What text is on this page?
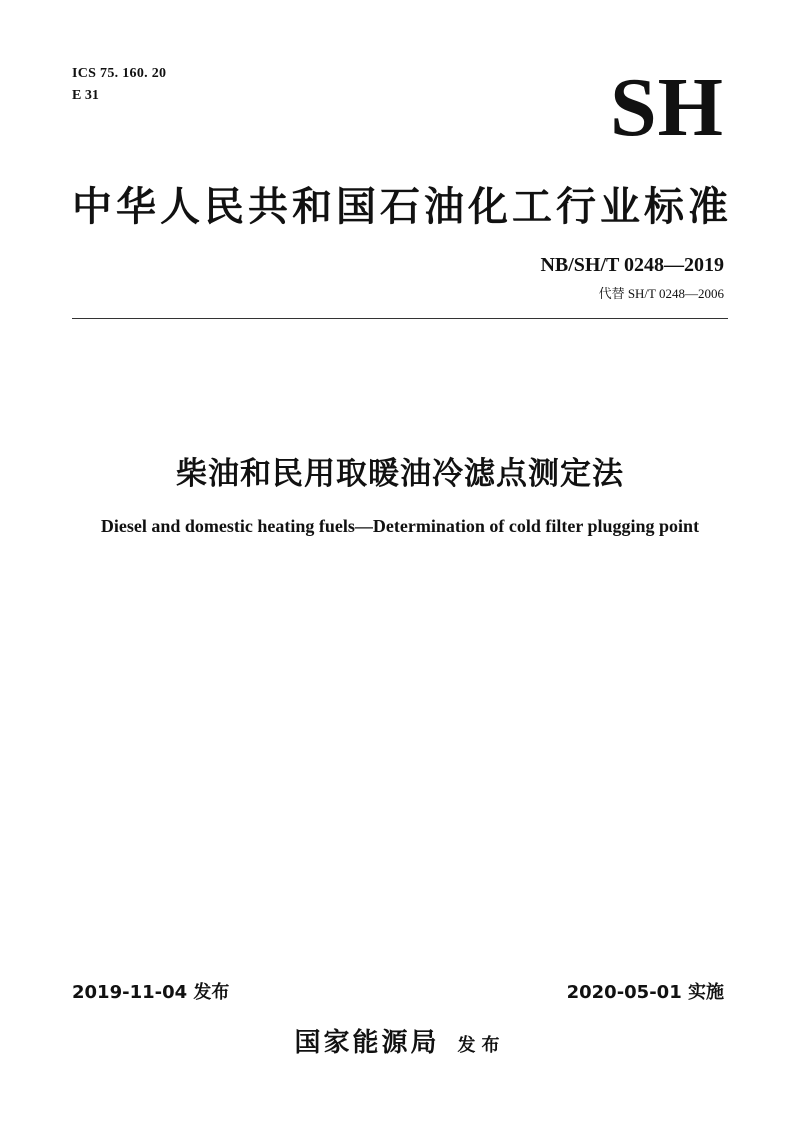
ICS 75. 160. 20
E 31	SH
中华人民共和国石油化工行业标准
NB/SH/T 0248—2019
代替 SH/T 0248—2006
柴油和民用取暖油冷滤点测定法
Diesel and domestic heating fuels—Determination of cold filter plugging point
2019-11-04 发布	2020-05-01 实施
国家能源局 发布
